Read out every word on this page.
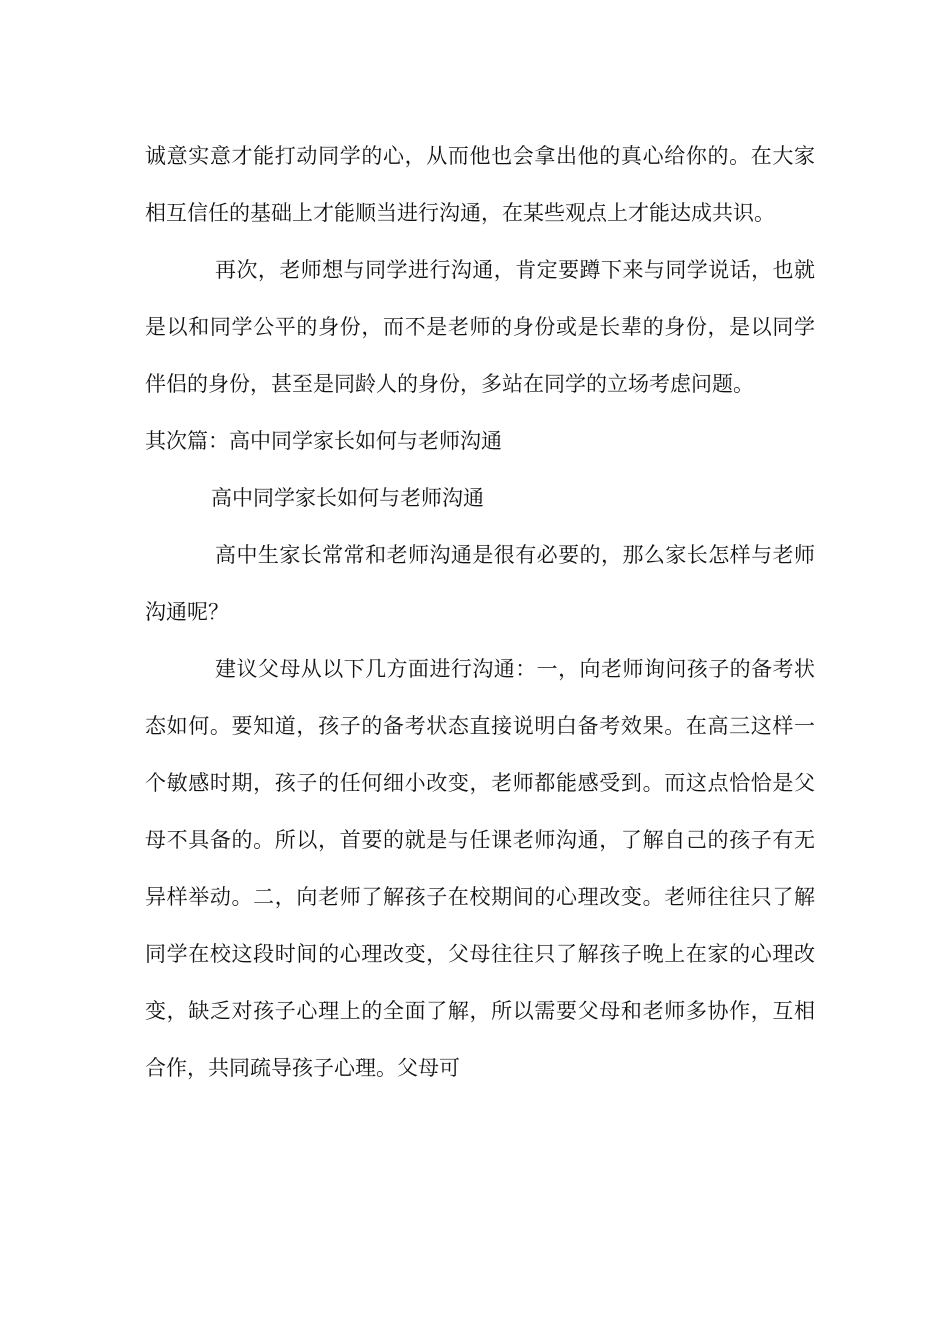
诚意实意才能打动同学的心，从而他也会拿出他的真心给你的。在大家相互信任的基础上才能顺当进行沟通，在某些观点上才能达成共识。

再次，老师想与同学进行沟通，肯定要蹲下来与同学说话，也就是以和同学公平的身份，而不是老师的身份或是长辈的身份，是以同学伴侣的身份，甚至是同龄人的身份，多站在同学的立场考虑问题。

其次篇：高中同学家长如何与老师沟通

高中同学家长如何与老师沟通

高中生家长常常和老师沟通是很有必要的，那么家长怎样与老师沟通呢？

建议父母从以下几方面进行沟通：一，向老师询问孩子的备考状态如何。要知道，孩子的备考状态直接说明白备考效果。在高三这样一个敏感时期，孩子的任何细小改变，老师都能感受到。而这点恰恰是父母不具备的。所以，首要的就是与任课老师沟通，了解自己的孩子有无异样举动。二，向老师了解孩子在校期间的心理改变。老师往往只了解同学在校这段时间的心理改变，父母往往只了解孩子晚上在家的心理改变，缺乏对孩子心理上的全面了解，所以需要父母和老师多协作，互相合作，共同疏导孩子心理。父母可
